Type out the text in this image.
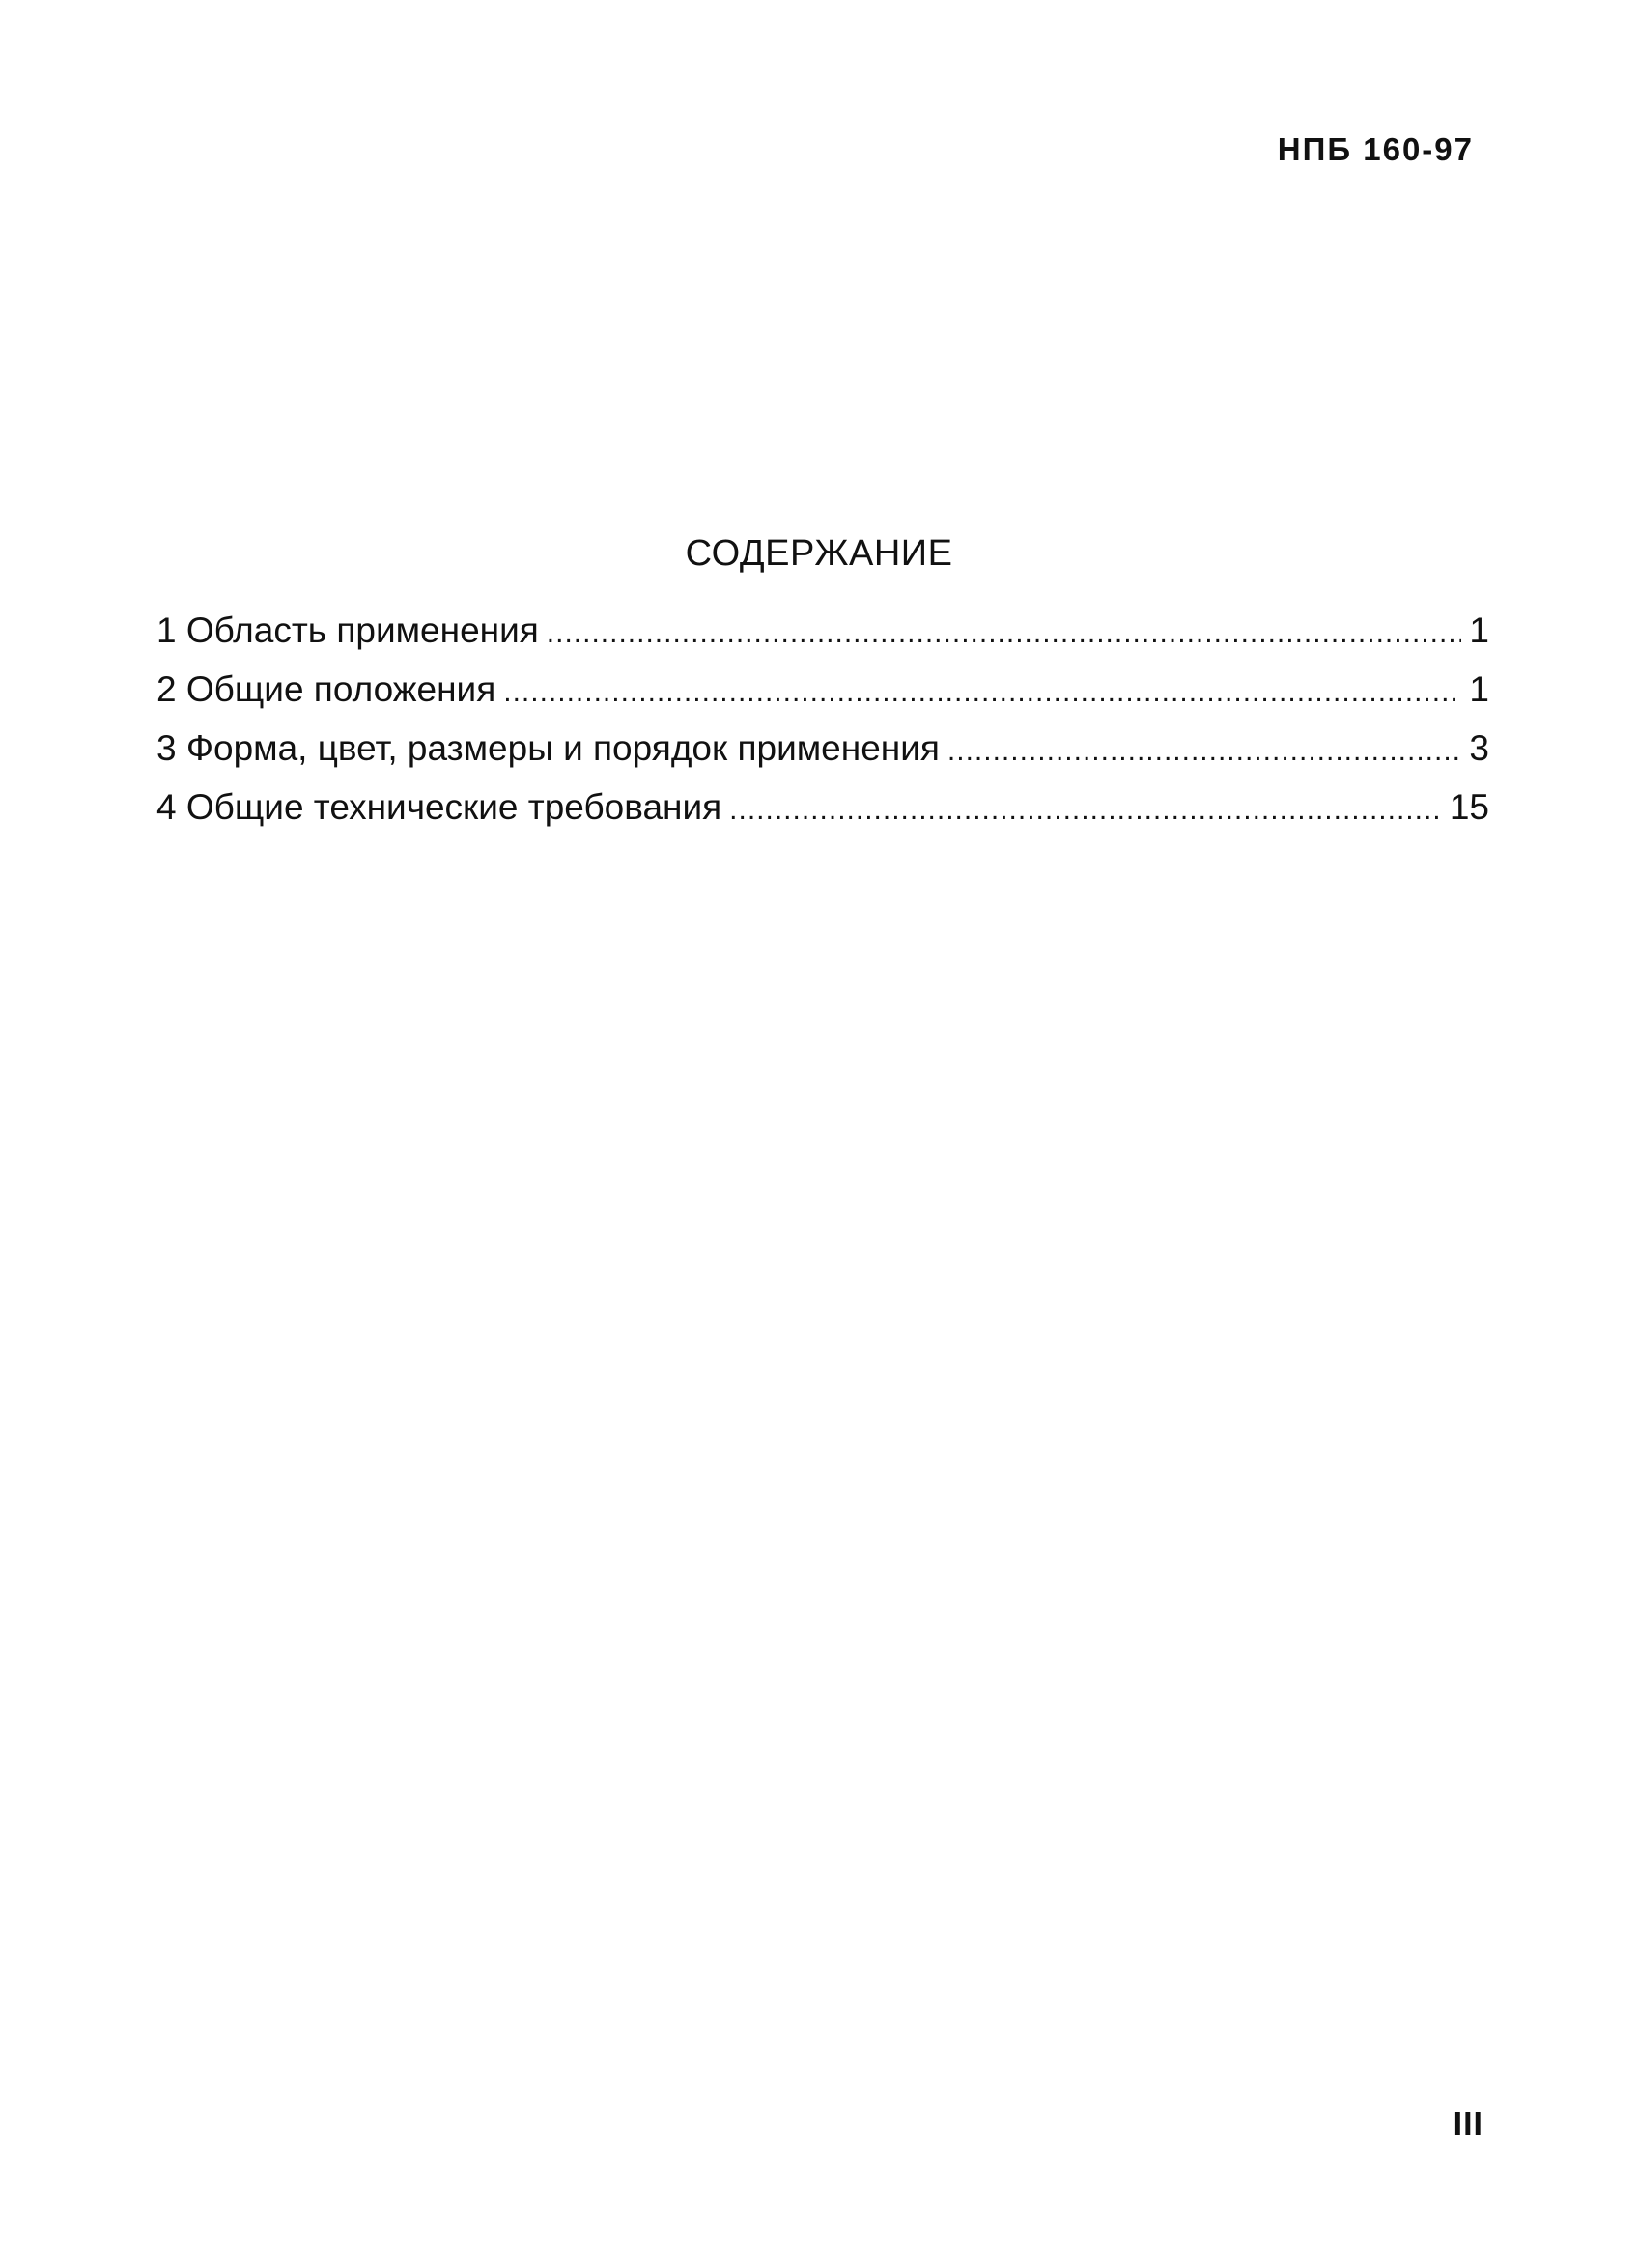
НПБ 160-97
СОДЕРЖАНИЕ
1 Область применения .....	1
2 Общие положения .....	1
3 Форма, цвет, размеры и порядок применения .....	3
4 Общие технические требования .....	15
III
